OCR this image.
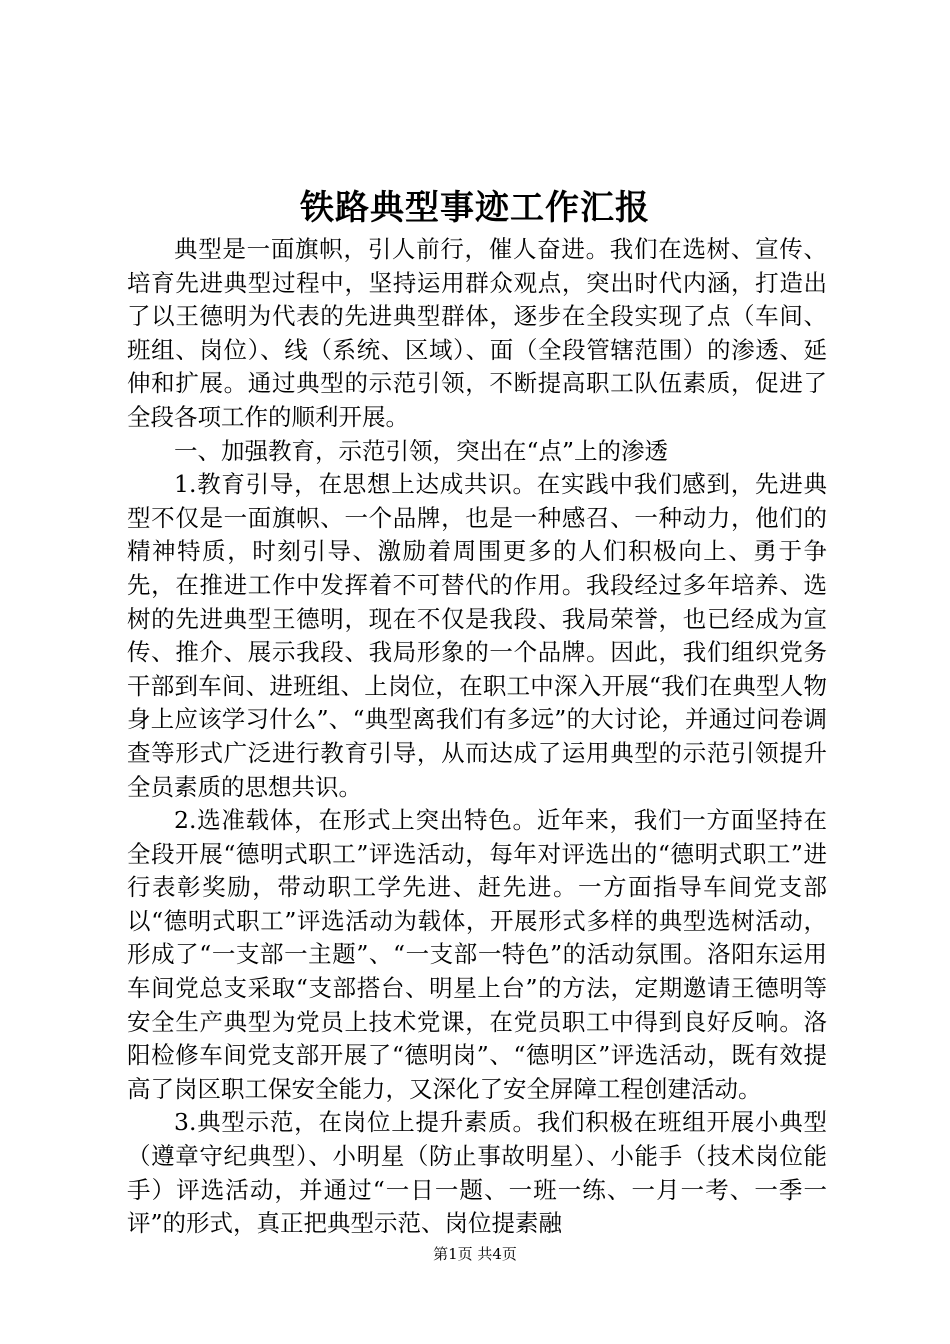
铁路典型事迹工作汇报

典型是一面旗帜，引人前行，催人奋进。我们在选树、宣传、培育先进典型过程中，坚持运用群众观点，突出时代内涵，打造出了以王德明为代表的先进典型群体，逐步在全段实现了点（车间、班组、岗位）、线（系统、区域）、面（全段管辖范围）的渗透、延伸和扩展。通过典型的示范引领，不断提高职工队伍素质，促进了全段各项工作的顺利开展。

一、加强教育，示范引领，突出在“点”上的渗透

1.教育引导，在思想上达成共识。在实践中我们感到，先进典型不仅是一面旗帜、一个品牌，也是一种感召、一种动力，他们的精神特质，时刻引导、激励着周围更多的人们积极向上、勇于争先，在推进工作中发挥着不可替代的作用。我段经过多年培养、选树的先进典型王德明，现在不仅是我段、我局荣誉，也已经成为宣传、推介、展示我段、我局形象的一个品牌。因此，我们组织党务干部到车间、进班组、上岗位，在职工中深入开展“我们在典型人物身上应该学习什么”、“典型离我们有多远”的大讨论，并通过问卷调查等形式广泛进行教育引导，从而达成了运用典型的示范引领提升全员素质的思想共识。

2.选准载体，在形式上突出特色。近年来，我们一方面坚持在全段开展“德明式职工”评选活动，每年对评选出的“德明式职工”进行表彰奖励，带动职工学先进、赶先进。一方面指导车间党支部以“德明式职工”评选活动为载体，开展形式多样的典型选树活动，形成了“一支部一主题”、“一支部一特色”的活动氛围。洛阳东运用车间党总支采取“支部搭台、明星上台”的方法，定期邀请王德明等安全生产典型为党员上技术党课，在党员职工中得到良好反响。洛阳检修车间党支部开展了“德明岗”、“德明区”评选活动，既有效提高了岗区职工保安全能力，又深化了安全屏障工程创建活动。

3.典型示范，在岗位上提升素质。我们积极在班组开展小典型（遵章守纪典型）、小明星（防止事故明星）、小能手（技术岗位能手）评选活动，并通过“一日一题、一班一练、一月一考、一季一评”的形式，真正把典型示范、岗位提素融

第1页 共4页
